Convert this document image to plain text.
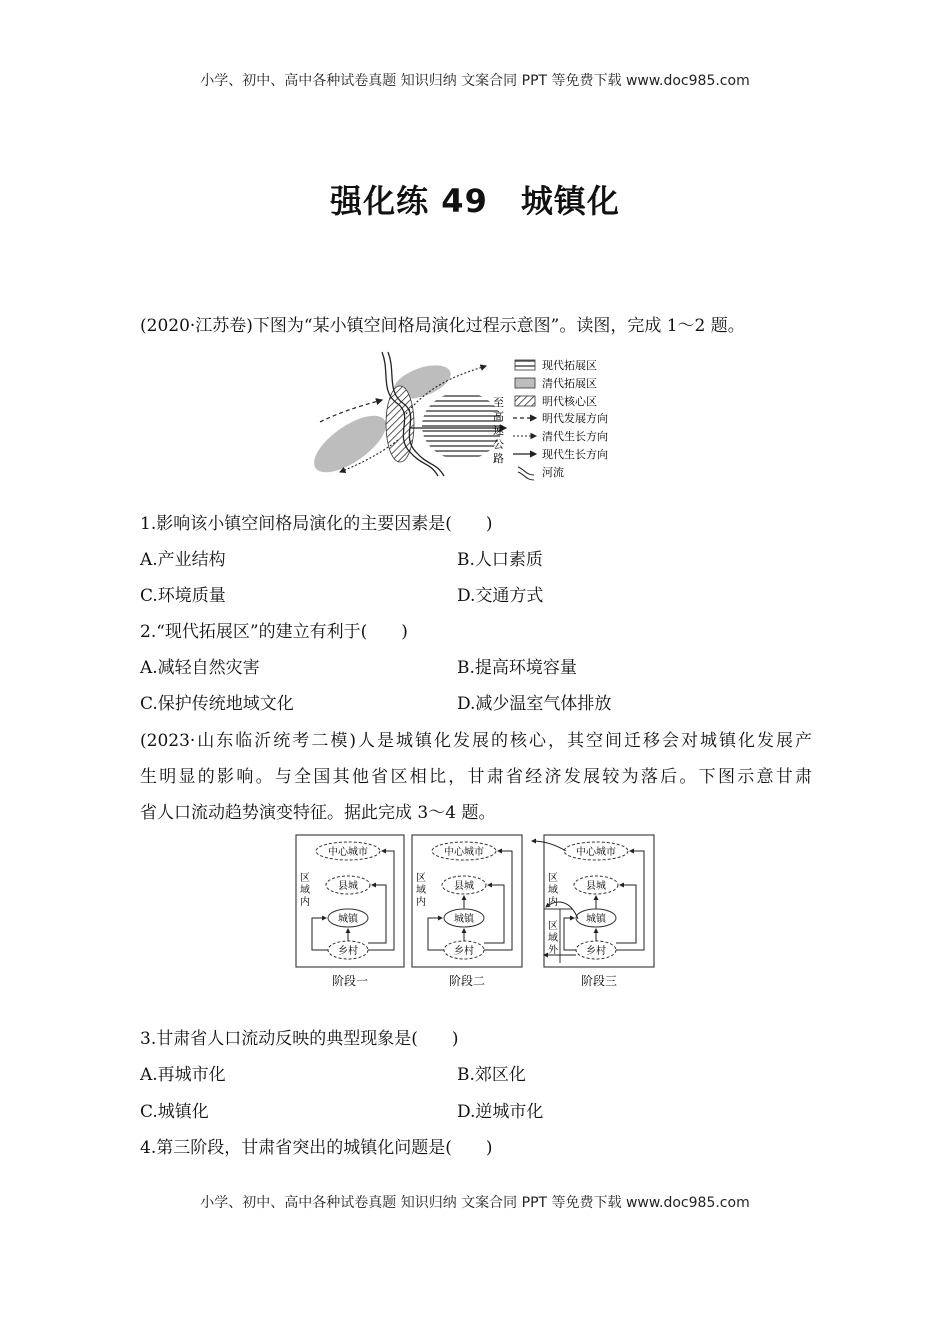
小学、初中、高中各种试卷真题 知识归纳 文案合同 PPT 等免费下载 www.doc985.com
强化练 49　城镇化
(2020·江苏卷)下图为“某小镇空间格局演化过程示意图”。读图，完成 1～2 题。
至
高
速
公
路
现代拓展区
清代拓展区
明代核心区
明代发展方向
清代生长方向
现代生长方向
河流
1.影响该小镇空间格局演化的主要因素是(　　)
A.产业结构	B.人口素质
C.环境质量	D.交通方式
2.“现代拓展区”的建立有利于(　　)
A.减轻自然灾害	B.提高环境容量
C.保护传统地域文化	D.减少温室气体排放
(2023·山东临沂统考二模)人是城镇化发展的核心，其空间迁移会对城镇化发展产
生明显的影响。与全国其他省区相比，甘肃省经济发展较为落后。下图示意甘肃
省人口流动趋势演变特征。据此完成 3～4 题。
区
域
内
中心城市
县城
城镇
乡村
区
域
内
中心城市
县城
城镇
乡村
区
域
内
区
域
外
中心城市
县城
城镇
乡村
阶段一	阶段二	阶段三
3.甘肃省人口流动反映的典型现象是(　　)
A.再城市化	B.郊区化
C.城镇化	D.逆城市化
4.第三阶段，甘肃省突出的城镇化问题是(　　)
小学、初中、高中各种试卷真题 知识归纳 文案合同 PPT 等免费下载 www.doc985.com
